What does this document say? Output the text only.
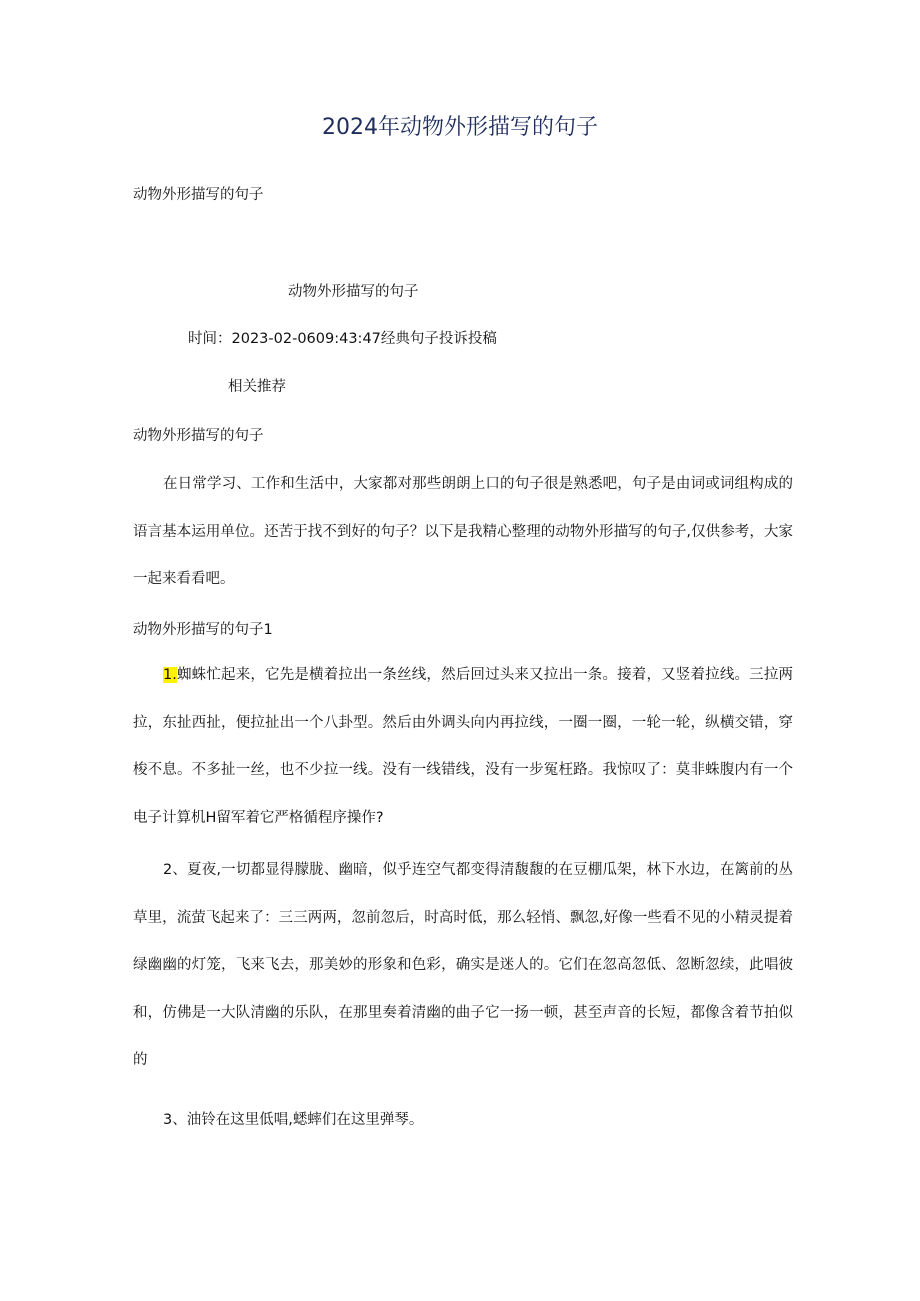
2024年动物外形描写的句子
动物外形描写的句子
动物外形描写的句子
时间：2023-02-0609:43:47经典句子投诉投稿
相关推荐
动物外形描写的句子

在日常学习、工作和生活中，大家都对那些朗朗上口的句子很是熟悉吧，句子是由词或词组构成的语言基本运用单位。还苦于找不到好的句子？以下是我精心整理的动物外形描写的句子,仅供参考，大家一起来看看吧。

动物外形描写的句子1

1.蜘蛛忙起来，它先是横着拉出一条丝线，然后回过头来又拉出一条。接着，又竖着拉线。三拉两拉，东扯西扯，便拉扯出一个八卦型。然后由外调头向内再拉线，一圈一圈，一轮一轮，纵横交错，穿梭不息。不多扯一丝，也不少拉一线。没有一线错线，没有一步冤枉路。我惊叹了：莫非蛛腹内有一个电子计算机H留军着它严格循程序操作?

2、夏夜,一切都显得朦胧、幽暗，似乎连空气都变得清馥馥的在豆棚瓜架，林下水边，在篱前的丛草里，流萤飞起来了：三三两两，忽前忽后，时高时低，那么轻悄、飘忽,好像一些看不见的小精灵提着绿幽幽的灯笼，飞来飞去，那美妙的形象和色彩，确实是迷人的。它们在忽高忽低、忽断忽续，此唱彼和，仿佛是一大队清幽的乐队，在那里奏着清幽的曲子它一扬一顿，甚至声音的长短，都像含着节拍似的

3、油铃在这里低唱,蟋蟀们在这里弹琴。
